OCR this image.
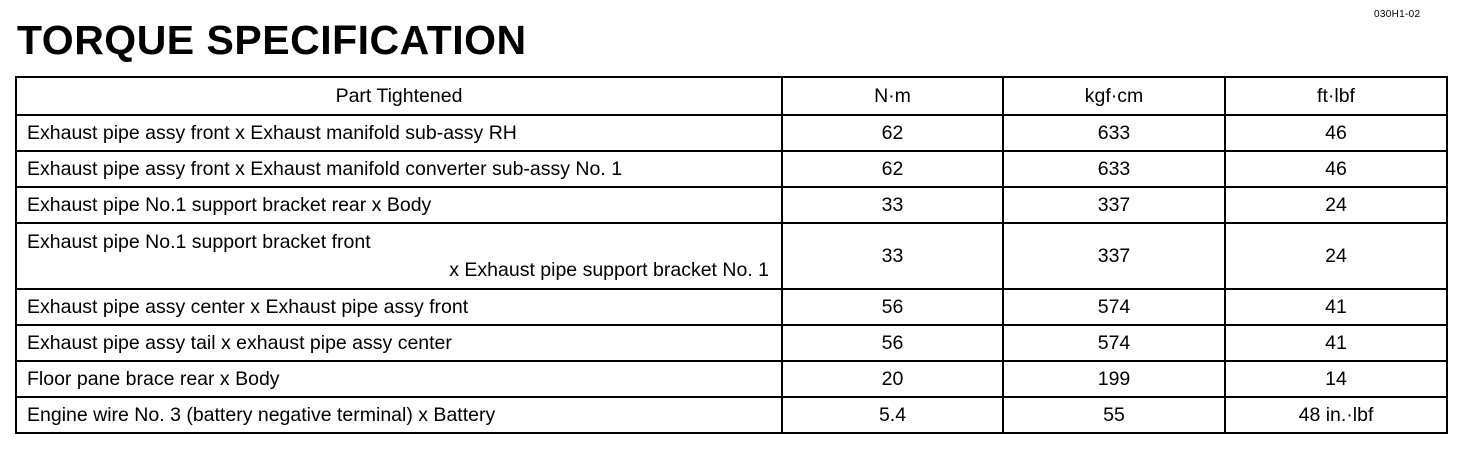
030H1-02
TORQUE SPECIFICATION
Part Tightened	N·m	kgf·cm	ft·lbf

Exhaust pipe assy front x Exhaust manifold sub-assy RH	62	633	46

Exhaust pipe assy front x Exhaust manifold converter sub-assy No. 1	62	633	46

Exhaust pipe No.1 support bracket rear x Body	33	337	24

Exhaust pipe No.1 support bracket front
x Exhaust pipe support bracket No. 1	33	337	24

Exhaust pipe assy center x Exhaust pipe assy front	56	574	41

Exhaust pipe assy tail x exhaust pipe assy center	56	574	41

Floor pane brace rear x Body	20	199	14

Engine wire No. 3 (battery negative terminal) x Battery	5.4	55	48 in.·lbf
